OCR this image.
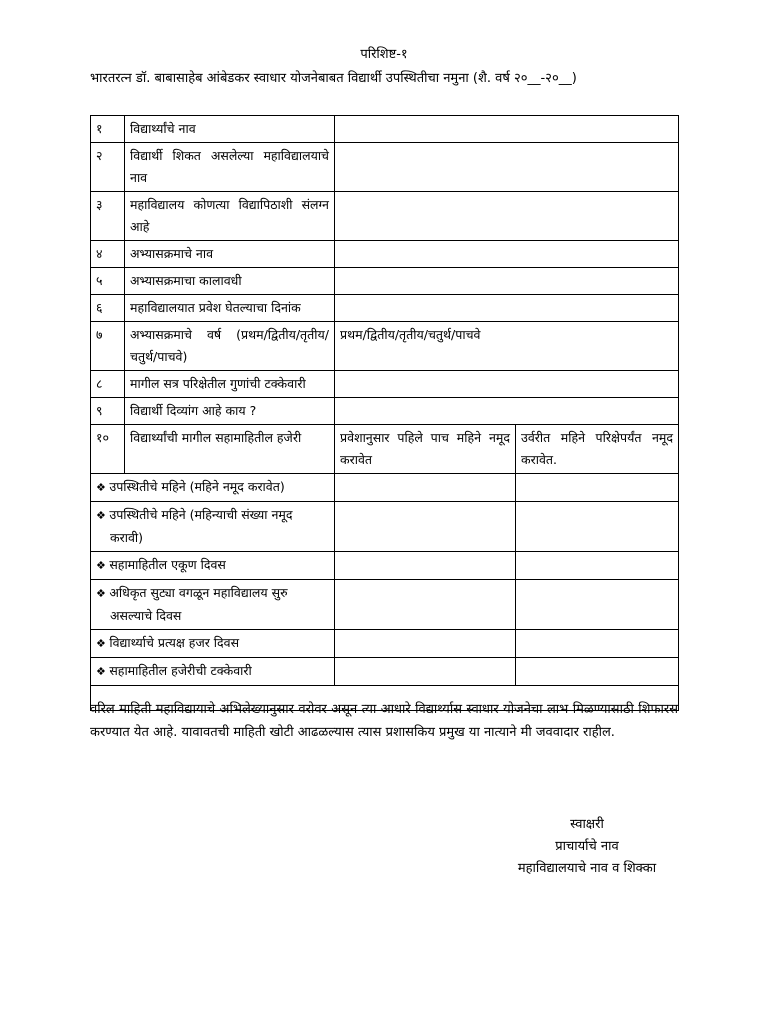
परिशिष्ट-१
भारतरत्न डॉ. बाबासाहेब आंबेडकर स्वाधार योजनेबाबत विद्यार्थी उपस्थितीचा नमुना (शै. वर्ष २०__-२०__)
१	विद्यार्थ्यांचे नाव		
२	विद्यार्थी शिकत असलेल्या महाविद्यालयाचे नाव		
३	महाविद्यालय कोणत्या विद्यापिठाशी संलग्न आहे		
४	अभ्यासक्रमाचे नाव		
५	अभ्यासक्रमाचा कालावधी		
६	महाविद्यालयात प्रवेश घेतल्याचा दिनांक		
७	अभ्यासक्रमाचे वर्ष (प्रथम/द्वितीय/तृतीय/चतुर्थ/पाचवे)	प्रथम/द्वितीय/तृतीय/चतुर्थ/पाचवे	
८	मागील सत्र परिक्षेतील गुणांची टक्केवारी		
९	विद्यार्थी दिव्यांग आहे काय ?		
१०	विद्यार्थ्यांची मागील सहामाहितील हजेरी	प्रवेशानुसार पहिले पाच महिने नमूद करावेत	उर्वरीत महिने परिक्षेपर्यंत नमूद करावेत.

❖ उपस्थितीचे महिने (महिने नमूद करावेत)

❖ उपस्थितीचे महिने (महिन्याची संख्या नमूद करावी)

❖ सहामाहितील एकूण दिवस

❖ अधिकृत सुट्या वगळून महाविद्यालय सुरु असल्याचे दिवस

❖ विद्यार्थ्याचे प्रत्यक्ष हजर दिवस

❖ सहामाहितील हजेरीची टक्केवारी

वरिल माहिती महाविद्यायाचे अभिलेख्यानुसार वरोवर असून त्या आधारे विद्यार्थ्यास स्वाधार योजनेचा लाभ मिळण्यासाठी शिफारस करण्यात येत आहे. यावावतची माहिती खोटी आढळल्यास त्यास प्रशासकिय प्रमुख या नात्याने मी जववादार राहील.
स्वाक्षरी
प्राचार्याचे नाव
महाविद्यालयाचे नाव व शिक्का
